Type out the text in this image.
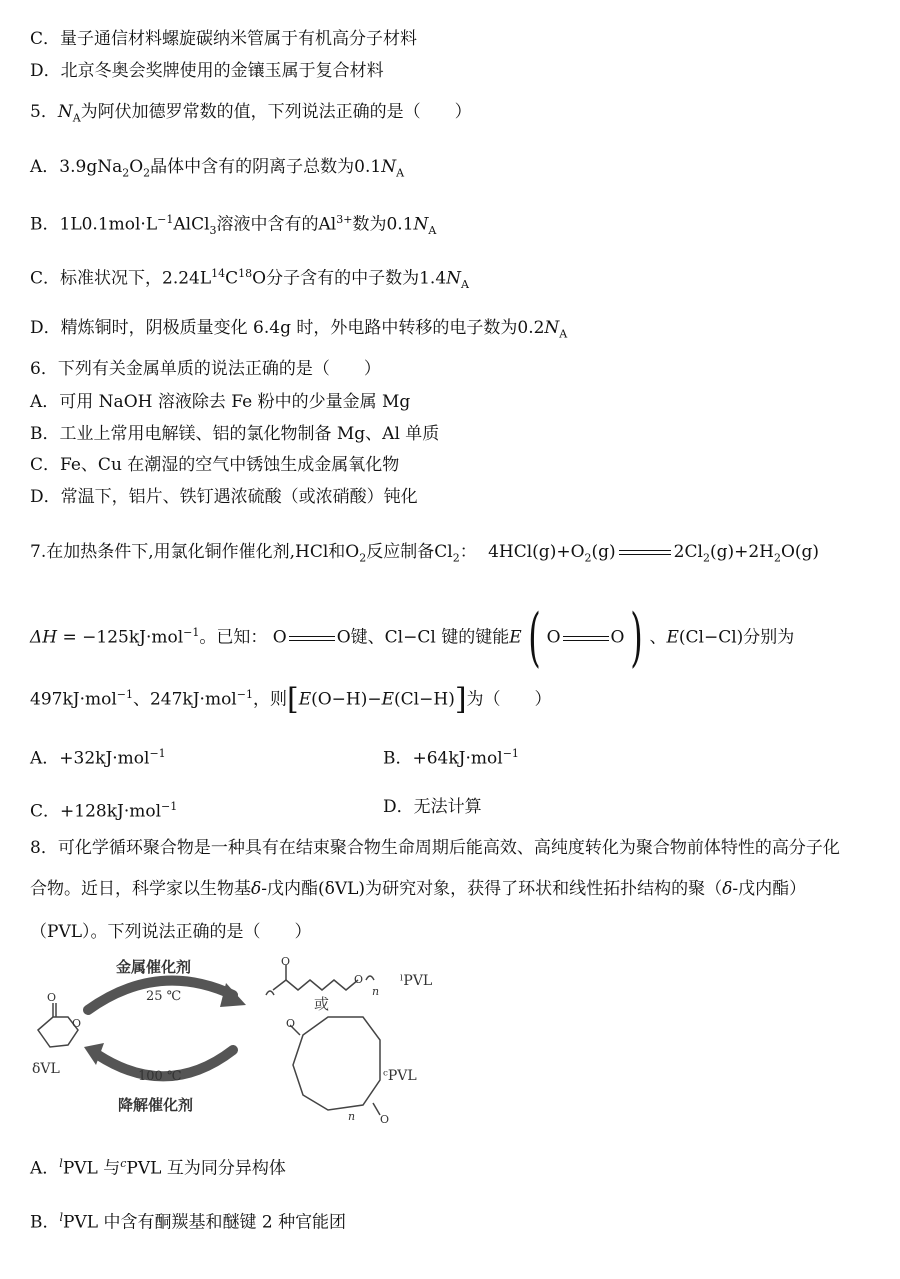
C．量子通信材料螺旋碳纳米管属于有机高分子材料
D．北京冬奥会奖牌使用的金镶玉属于复合材料
5．$N_A$为阿伏加德罗常数的值，下列说法正确的是（　　）
A．$3.9gNa_2O_2$晶体中含有的阴离子总数为$0.1N_A$
B．$1L0.1mol\cdot L^{-1}AlCl_3$溶液中含有的$Al^{3+}$数为$0.1N_A$
C．标准状况下，$2.24L^{14}C^{18}O$分子含有的中子数为$1.4N_A$
D．精炼铜时，阴极质量变化 6.4g 时，外电路中转移的电子数为$0.2N_A$
6．下列有关金属单质的说法正确的是（　　）
A．可用 NaOH 溶液除去 Fe 粉中的少量金属 Mg
B．工业上常用电解镁、铝的氯化物制备 Mg、Al 单质
C．Fe、Cu 在潮湿的空气中锈蚀生成金属氧化物
D．常温下，铝片、铁钉遇浓硫酸（或浓硝酸）钝化
7.在加热条件下,用氯化铜作催化剂,HCl和$O_2$反应制备$Cl_2$： $4HCl(g)+O_2(g)$	$2Cl_2(g)+2H_2O(g)$
ΔH = −125kJ·mol$^{-1}$。已知： O	O键、Cl−Cl 键的键能E( O	O) 、E(Cl−Cl)分别为
497kJ·mol$^{-1}$、247kJ·mol$^{-1}$，则[E(O−H)−E(Cl−H)]为（　　）
A．+32kJ·mol$^{-1}$	B．+64kJ·mol$^{-1}$
C．+128kJ·mol$^{-1}$	D．无法计算
8．可化学循环聚合物是一种具有在结束聚合物生命周期后能高效、高纯度转化为聚合物前体特性的高分子化
合物。近日，科学家以生物基δ-戊内酯(δVL)为研究对象，获得了环状和线性拓扑结构的聚（δ-戊内酯）
（PVL）。下列说法正确的是（　　）
金属催化剂
25 ℃
100 ℃
降解催化剂
O
O
δVL
O
O
n
ˡPVL
或
O
O
n
ᶜPVL
A．$^l$PVL 与$^c$PVL 互为同分异构体
B．$^l$PVL 中含有酮羰基和醚键 2 种官能团
